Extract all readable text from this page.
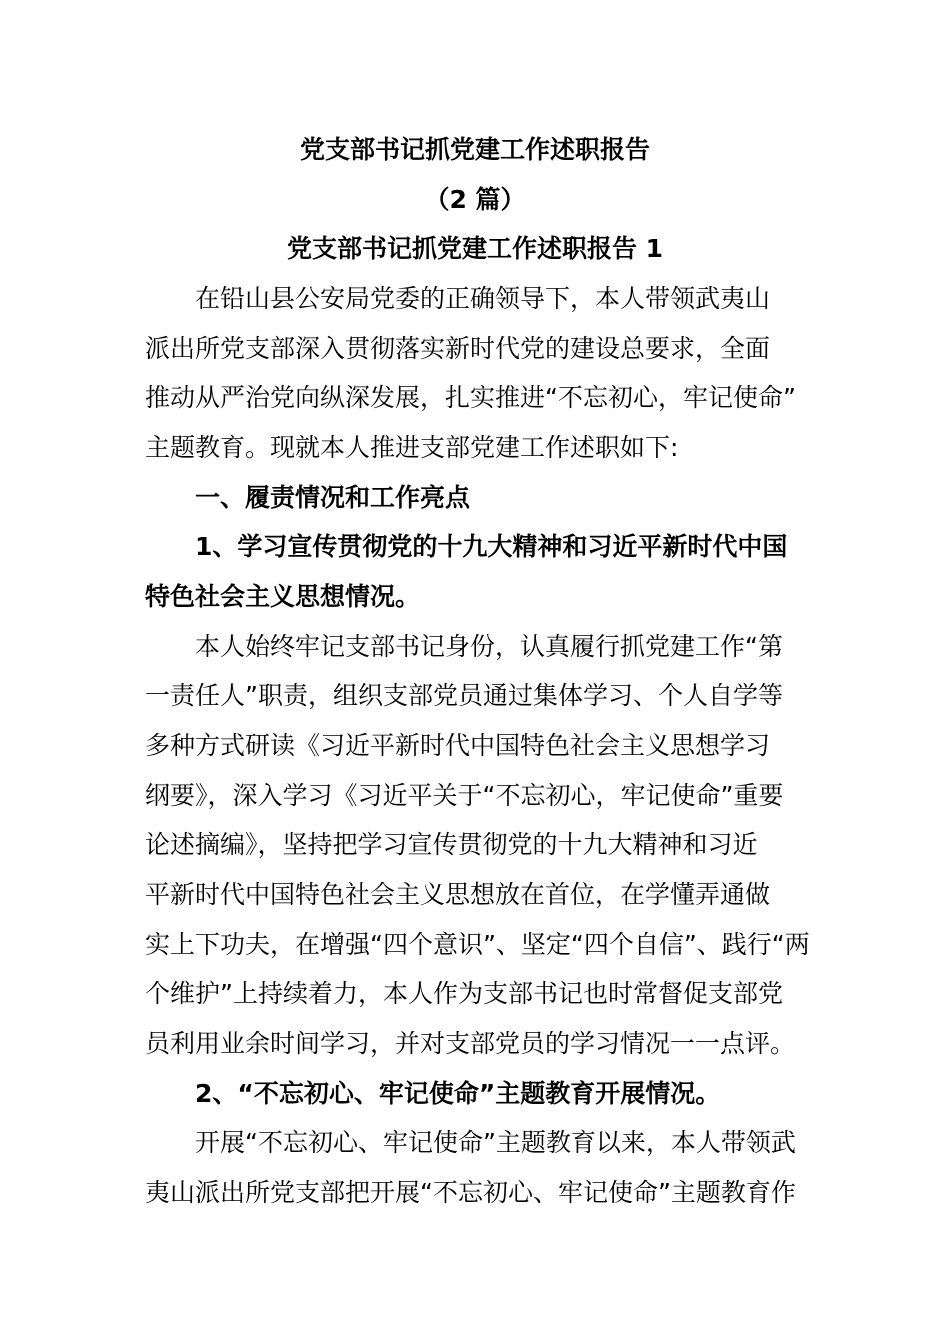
党支部书记抓党建工作述职报告
（2 篇）
党支部书记抓党建工作述职报告 1
在铅山县公安局党委的正确领导下，本人带领武夷山
派出所党支部深入贯彻落实新时代党的建设总要求，全面
推动从严治党向纵深发展，扎实推进“不忘初心，牢记使命”
主题教育。现就本人推进支部党建工作述职如下:
一、履责情况和工作亮点
1、学习宣传贯彻党的十九大精神和习近平新时代中国
特色社会主义思想情况。
本人始终牢记支部书记身份，认真履行抓党建工作“第
一责任人”职责，组织支部党员通过集体学习、个人自学等
多种方式研读《习近平新时代中国特色社会主义思想学习
纲要》，深入学习《习近平关于“不忘初心，牢记使命”重要
论述摘编》，坚持把学习宣传贯彻党的十九大精神和习近
平新时代中国特色社会主义思想放在首位，在学懂弄通做
实上下功夫，在增强“四个意识”、坚定“四个自信”、践行“两
个维护”上持续着力，本人作为支部书记也时常督促支部党
员利用业余时间学习，并对支部党员的学习情况一一点评。
2、“不忘初心、牢记使命”主题教育开展情况。
开展“不忘初心、牢记使命”主题教育以来，本人带领武
夷山派出所党支部把开展“不忘初心、牢记使命”主题教育作
